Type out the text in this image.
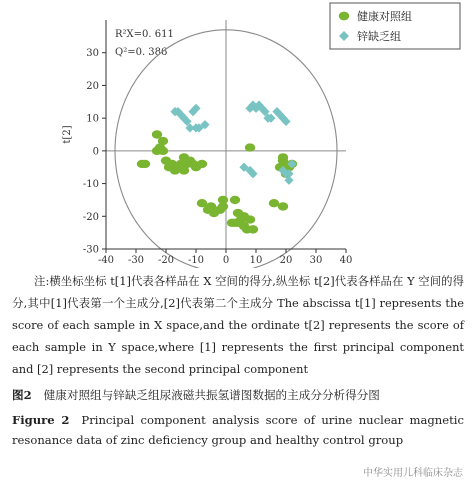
R²X=0. 611
Q²=0. 386
-40 -30 -20 -10 0 10 20 30 40
-30
-20
-10
0
10
20
30
t[2]
健康对照组
锌缺乏组

注:横坐标坐标 t[1]代表各样品在 X 空间的得分,纵坐标 t[2]代表各样品在 Y 空间的得分,其中[1]代表第一个主成分,[2]代表第二个主成分 The abscissa t[1] represents the score of each sample in X space,and the ordinate t[2] represents the score of each sample in Y space,where [1] represents the first principal component and [2] represents the second principal component

图2 健康对照组与锌缺乏组尿液磁共振氢谱图数据的主成分分析得分图
Figure 2 Principal component analysis score of urine nuclear magnetic resonance data of zinc deficiency group and healthy control group
中华实用儿科临床杂志
